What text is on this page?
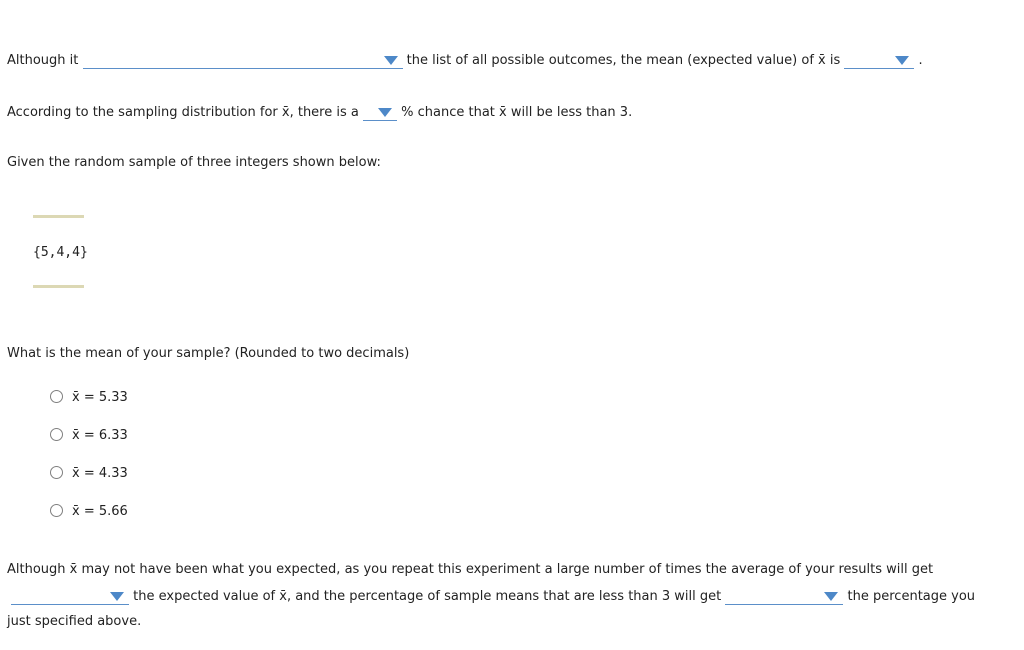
Although it	the list of all possible outcomes, the mean (expected value) of x̄ is	.
According to the sampling distribution for x̄, there is a	% chance that x̄ will be less than 3.
Given the random sample of three integers shown below:
{5,4,4}
What is the mean of your sample? (Rounded to two decimals)
x̄ = 5.33
x̄ = 6.33
x̄ = 4.33
x̄ = 5.66
Although x̄ may not have been what you expected, as you repeat this experiment a large number of times the average of your results will get
the expected value of x̄, and the percentage of sample means that are less than 3 will get	the percentage you
just specified above.
